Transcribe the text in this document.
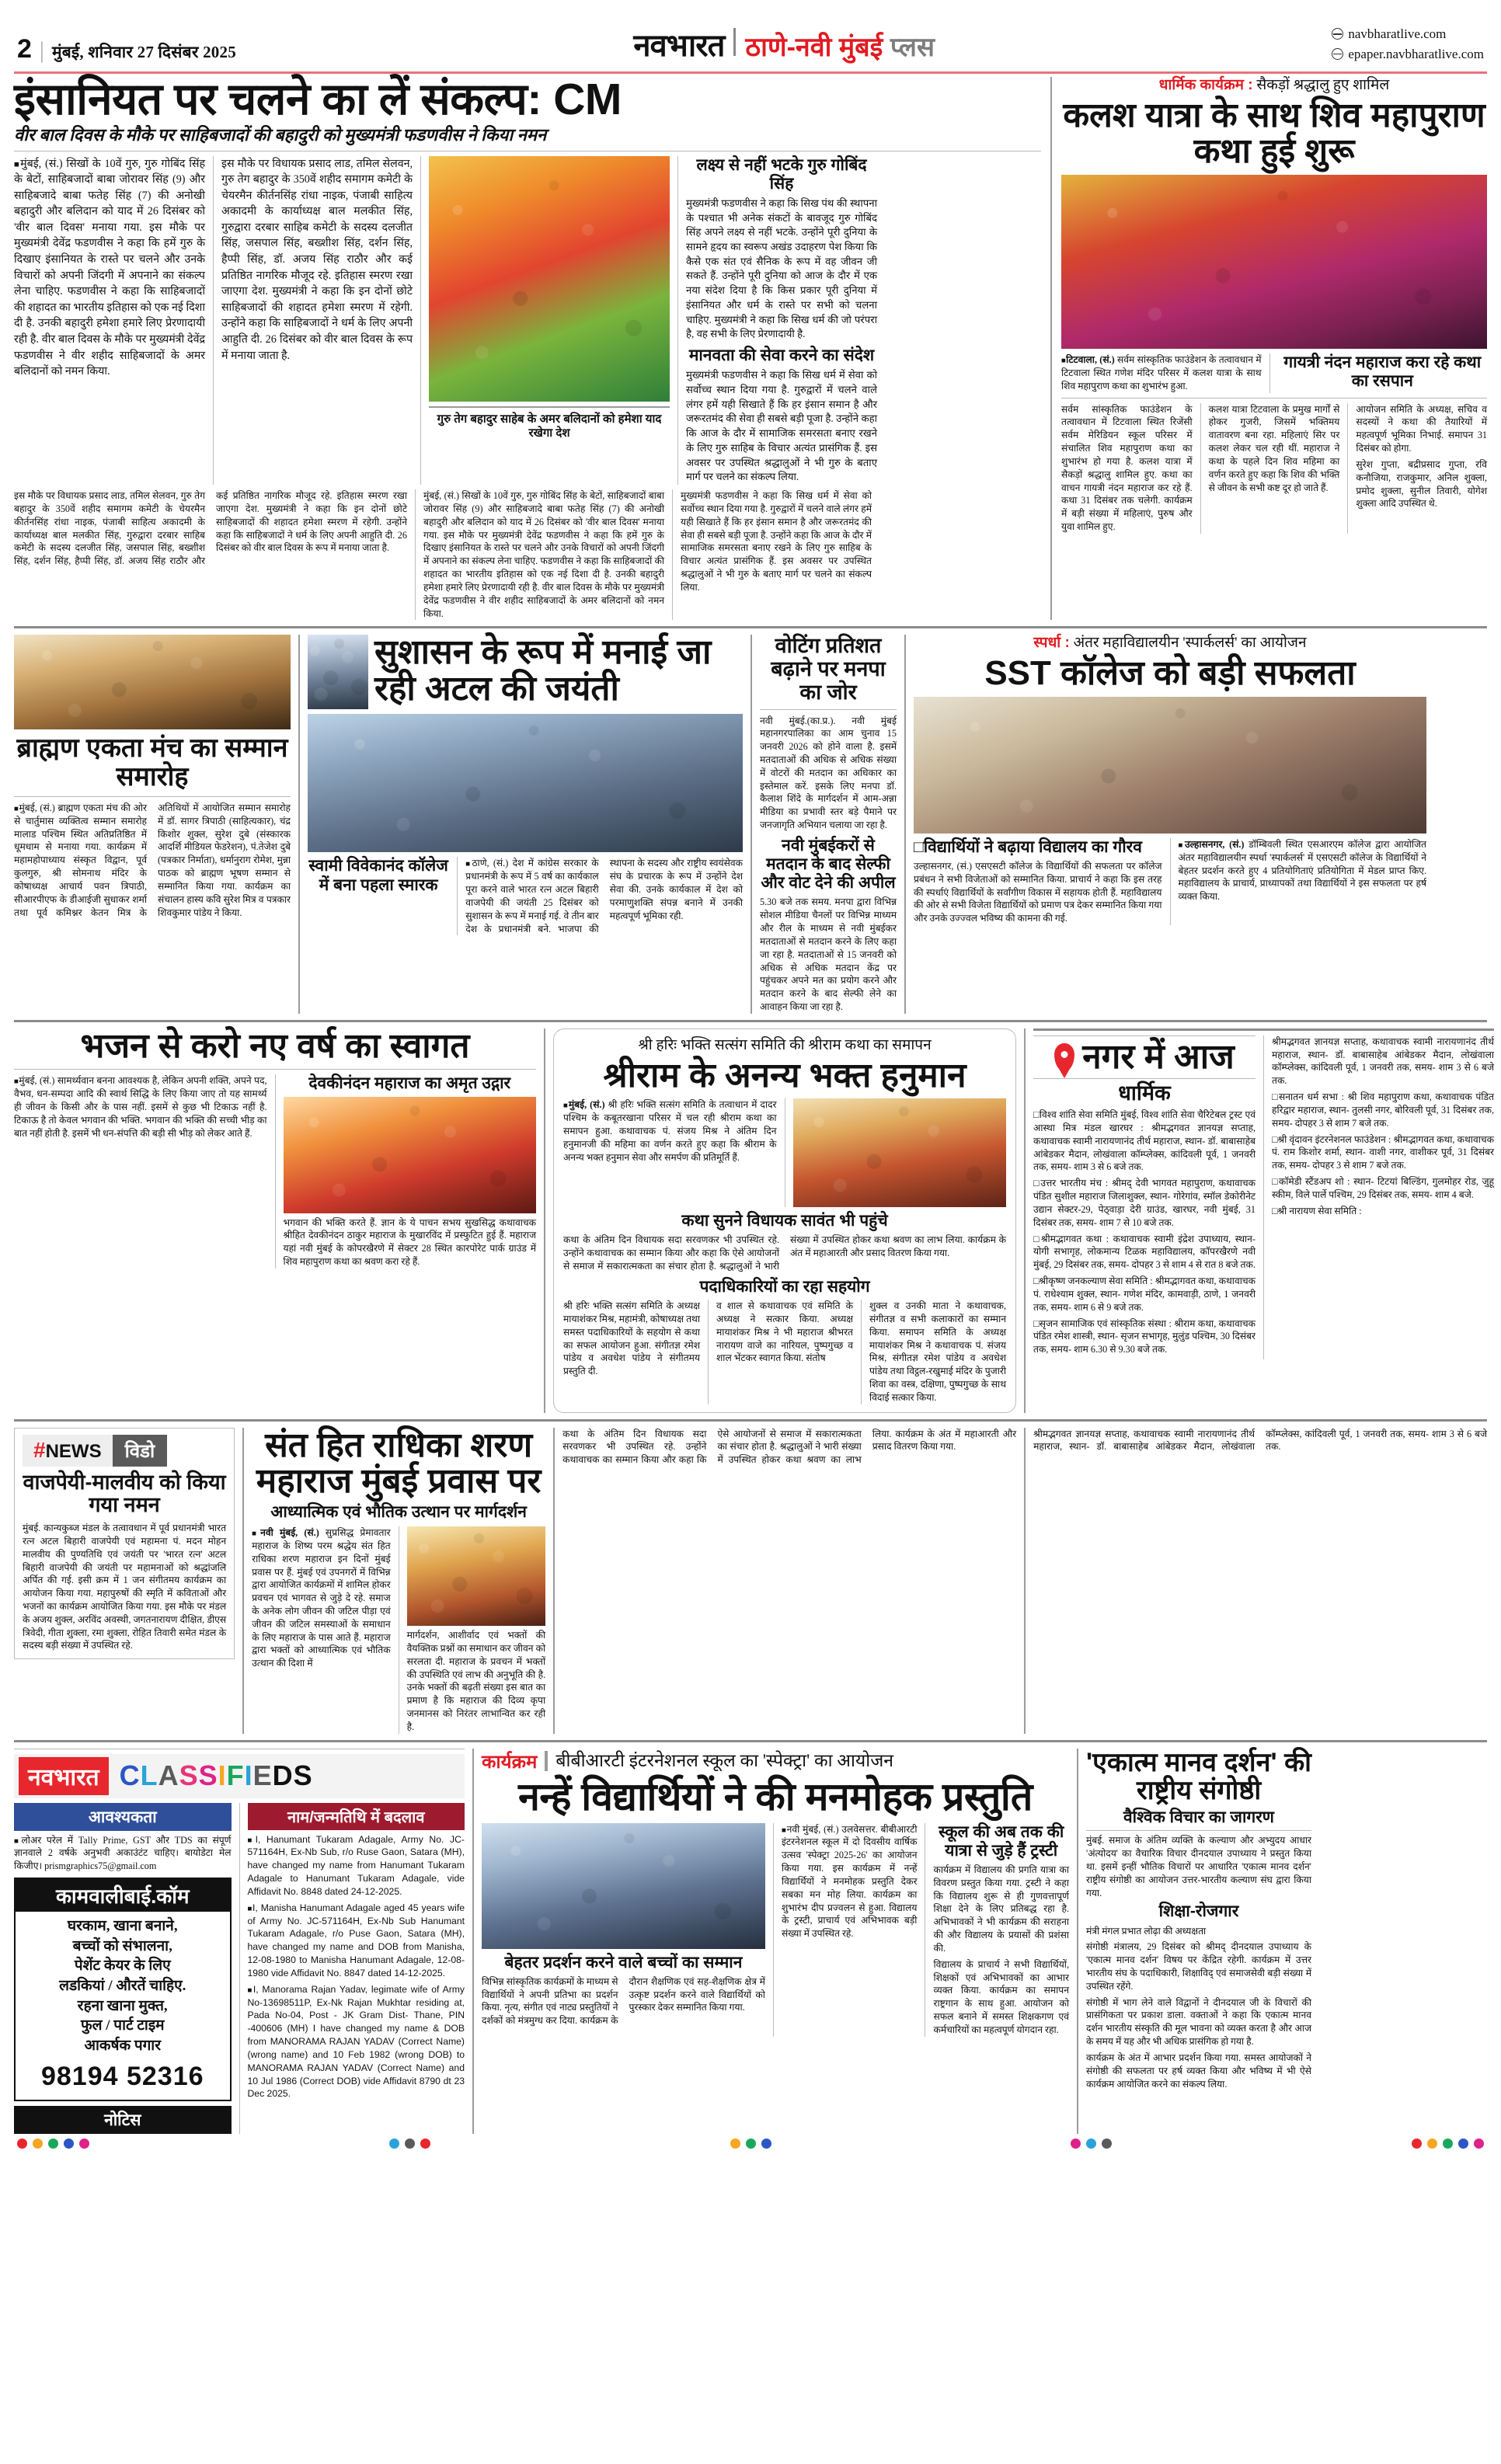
2 | मुंबई, शनिवार 27 दिसंबर 2025	नवभारत ठाणे-नवी मुंबई प्लस	navbharatlive.com
epaper.navbharatlive.com
इंसानियत पर चलने का लें संकल्प: CM
वीर बाल दिवस के मौके पर साहिबजादों की बहादुरी को मुख्यमंत्री फडणवीस ने किया नमन
■ मुंबई, (सं.) सिखों के 10वें गुरु, गुरु गोबिंद सिंह के बेटों, साहिबजादों बाबा जोरावर सिंह (9) और साहिबजादे बाबा फतेह सिंह (7) की अनोखी बहादुरी और बलिदान को याद में 26 दिसंबर को 'वीर बाल दिवस' मनाया गया. इस मौके पर मुख्यमंत्री देवेंद्र फडणवीस ने कहा कि हमें गुरु के दिखाए इंसानियत के रास्ते पर चलने और उनके विचारों को अपनी जिंदगी में अपनाने का संकल्प लेना चाहिए. फडणवीस ने कहा कि साहिबजादों की शहादत का भारतीय इतिहास को एक नई दिशा दी है. उनकी बहादुरी हमेशा हमारे लिए प्रेरणादायी रही है. वीर बाल दिवस के मौके पर मुख्यमंत्री देवेंद्र फडणवीस ने वीर शहीद साहिबजादों के अमर बलिदानों को नमन किया.
इस मौके पर विधायक प्रसाद लाड, तमिल सेलवन, गुरु तेग बहादुर के 350वें शहीद समागम कमेटी के चेयरमैन कीर्तनसिंह रांधा नाइक, पंजाबी साहित्य अकादमी के कार्याध्यक्ष बाल मलकीत सिंह, गुरुद्वारा दरबार साहिब कमेटी के सदस्य दलजीत सिंह, जसपाल सिंह, बख्शीश सिंह, दर्शन सिंह, हैप्पी सिंह, डॉ. अजय सिंह राठौर और कई प्रतिष्ठित नागरिक मौजूद रहे. इतिहास स्मरण रखा जाएगा देश. मुख्यमंत्री ने कहा कि इन दोनों छोटे साहिबजादों की शहादत हमेशा स्मरण में रहेगी. उन्होंने कहा कि साहिबजादों ने धर्म के लिए अपनी आहुति दी. 26 दिसंबर को वीर बाल दिवस के रूप में मनाया जाता है.
गुरु तेग बहादुर साहेब के अमर बलिदानों को हमेशा याद रखेगा देश
लक्ष्य से नहीं भटके गुरु गोबिंद सिंह
मुख्यमंत्री फडणवीस ने कहा कि सिख पंथ की स्थापना के पश्चात भी अनेक संकटों के बावजूद गुरु गोबिंद सिंह अपने लक्ष्य से नहीं भटके. उन्होंने पूरी दुनिया के सामने हृदय का स्वरूप अखंड उदाहरण पेश किया कि कैसे एक संत एवं सैनिक के रूप में वह जीवन जी सकते हैं. उन्होंने पूरी दुनिया को आज के दौर में एक नया संदेश दिया है कि किस प्रकार पूरी दुनिया में इंसानियत और धर्म के रास्ते पर सभी को चलना चाहिए. मुख्यमंत्री ने कहा कि सिख धर्म की जो परंपरा है, वह सभी के लिए प्रेरणादायी है.
मानवता की सेवा करने का संदेश
मुख्यमंत्री फडणवीस ने कहा कि सिख धर्म में सेवा को सर्वोच्च स्थान दिया गया है. गुरुद्वारों में चलने वाले लंगर हमें यही सिखाते हैं कि हर इंसान समान है और जरूरतमंद की सेवा ही सबसे बड़ी पूजा है. उन्होंने कहा कि आज के दौर में सामाजिक समरसता बनाए रखने के लिए गुरु साहिब के विचार अत्यंत प्रासंगिक हैं. इस अवसर पर उपस्थित श्रद्धालुओं ने भी गुरु के बताए मार्ग पर चलने का संकल्प लिया.
इस मौके पर विधायक प्रसाद लाड, तमिल सेलवन, गुरु तेग बहादुर के 350वें शहीद समागम कमेटी के चेयरमैन कीर्तनसिंह रांधा नाइक, पंजाबी साहित्य अकादमी के कार्याध्यक्ष बाल मलकीत सिंह, गुरुद्वारा दरबार साहिब कमेटी के सदस्य दलजीत सिंह, जसपाल सिंह, बख्शीश सिंह, दर्शन सिंह, हैप्पी सिंह, डॉ. अजय सिंह राठौर और कई प्रतिष्ठित नागरिक मौजूद रहे. इतिहास स्मरण रखा जाएगा देश. मुख्यमंत्री ने कहा कि इन दोनों छोटे साहिबजादों की शहादत हमेशा स्मरण में रहेगी. उन्होंने कहा कि साहिबजादों ने धर्म के लिए अपनी आहुति दी. 26 दिसंबर को वीर बाल दिवस के रूप में मनाया जाता है.
मुंबई, (सं.) सिखों के 10वें गुरु, गुरु गोबिंद सिंह के बेटों, साहिबजादों बाबा जोरावर सिंह (9) और साहिबजादे बाबा फतेह सिंह (7) की अनोखी बहादुरी और बलिदान को याद में 26 दिसंबर को 'वीर बाल दिवस' मनाया गया. इस मौके पर मुख्यमंत्री देवेंद्र फडणवीस ने कहा कि हमें गुरु के दिखाए इंसानियत के रास्ते पर चलने और उनके विचारों को अपनी जिंदगी में अपनाने का संकल्प लेना चाहिए. फडणवीस ने कहा कि साहिबजादों की शहादत का भारतीय इतिहास को एक नई दिशा दी है. उनकी बहादुरी हमेशा हमारे लिए प्रेरणादायी रही है. वीर बाल दिवस के मौके पर मुख्यमंत्री देवेंद्र फडणवीस ने वीर शहीद साहिबजादों के अमर बलिदानों को नमन किया.
मुख्यमंत्री फडणवीस ने कहा कि सिख धर्म में सेवा को सर्वोच्च स्थान दिया गया है. गुरुद्वारों में चलने वाले लंगर हमें यही सिखाते हैं कि हर इंसान समान है और जरूरतमंद की सेवा ही सबसे बड़ी पूजा है. उन्होंने कहा कि आज के दौर में सामाजिक समरसता बनाए रखने के लिए गुरु साहिब के विचार अत्यंत प्रासंगिक हैं. इस अवसर पर उपस्थित श्रद्धालुओं ने भी गुरु के बताए मार्ग पर चलने का संकल्प लिया.
धार्मिक कार्यक्रम : सैकड़ों श्रद्धालु हुए शामिल
कलश यात्रा के साथ शिव महापुराण कथा हुई शुरू
■ टिटवाला, (सं.) सर्वम सांस्कृतिक फाउंडेशन के तत्वावधान में टिटवाला स्थित गणेश मंदिर परिसर में कलश यात्रा के साथ शिव महापुराण कथा का शुभारंभ हुआ.
गायत्री नंदन महाराज करा रहे कथा का रसपान
सर्वम सांस्कृतिक फाउंडेशन के तत्वावधान में टिटवाला स्थित रिजेंसी सर्वम मेरिडियन स्कूल परिसर में संचालित शिव महापुराण कथा का शुभारंभ हो गया है. कलश यात्रा में सैकड़ों श्रद्धालु शामिल हुए. कथा का वाचन गायत्री नंदन महाराज कर रहे हैं. कथा 31 दिसंबर तक चलेगी. कार्यक्रम में बड़ी संख्या में महिलाएं, पुरुष और युवा शामिल हुए.
कलश यात्रा टिटवाला के प्रमुख मार्गों से होकर गुजरी, जिसमें भक्तिमय वातावरण बना रहा. महिलाएं सिर पर कलश लेकर चल रही थीं. महाराज ने कथा के पहले दिन शिव महिमा का वर्णन करते हुए कहा कि शिव की भक्ति से जीवन के सभी कष्ट दूर हो जाते हैं.
आयोजन समिति के अध्यक्ष, सचिव व सदस्यों ने कथा की तैयारियों में महत्वपूर्ण भूमिका निभाई. समापन 31 दिसंबर को होगा.
सुरेश गुप्ता, बद्रीप्रसाद गुप्ता, रवि कनौजिया, राजकुमार, अनिल शुक्ला, प्रमोद शुक्ला, सुनील तिवारी, योगेश शुक्ला आदि उपस्थित थे.
ब्राह्मण एकता मंच का सम्मान समारोह
■ मुंबई, (सं.) ब्राह्मण एकता मंच की ओर से चार्तुमास व्यक्तित्व सम्मान समारोह मालाड पश्चिम स्थित अतिप्रतिष्ठित में धूमधाम से मनाया गया. कार्यक्रम में महामहोपाध्याय संस्कृत विद्वान, पूर्व कुलगुरु, श्री सोमनाथ मंदिर के कोषाध्यक्ष आचार्य पवन त्रिपाठी, सीआरपीएफ के डीआईजी सुधाकर शर्मा तथा पूर्व कमिश्नर केतन मित्र के अतिथियों में आयोजित सम्मान समारोह में डॉ. सागर त्रिपाठी (साहित्यकार), चंद्र किशोर शुक्ल, सुरेश दुबे (संस्कारक आदर्शि मीडियल फेडरेशन), पं.तेजेश दुबे (पत्रकार निर्माता), धर्मानुराग रोमेश, मुन्ना पाठक को ब्राह्मण भूषण सम्मान से सम्मानित किया गया. कार्यक्रम का संचालन हास्य कवि सुरेश मित्र व पत्रकार शिवकुमार पांडेय ने किया.
सुशासन के रूप में मनाई जा रही अटल की जयंती
स्वामी विवेकानंद कॉलेज में बना पहला स्मारक
■ ठाणे, (सं.) देश में कांग्रेस सरकार के प्रधानमंत्री के रूप में 5 वर्ष का कार्यकाल पूरा करने वाले भारत रत्न अटल बिहारी वाजपेयी की जयंती 25 दिसंबर को सुशासन के रूप में मनाई गई. वे तीन बार देश के प्रधानमंत्री बने. भाजपा की स्थापना के सदस्य और राष्ट्रीय स्वयंसेवक संघ के प्रचारक के रूप में उन्होंने देश सेवा की. उनके कार्यकाल में देश को परमाणुशक्ति संपन्न बनाने में उनकी महत्वपूर्ण भूमिका रही.
वोटिंग प्रतिशत बढ़ाने पर मनपा का जोर
नवी मुंबई.(का.प्र.). नवी मुंबई महानगरपालिका का आम चुनाव 15 जनवरी 2026 को होने वाला है. इसमें मतदाताओं की अधिक से अधिक संख्या में वोटरों की मतदान का अधिकार का इस्तेमाल करें. इसके लिए मनपा डॉ. कैलाश शिंदे के मार्गदर्शन में आम-अन्ना मीडिया का प्रभावी स्तर बड़े पैमाने पर जनजागृति अभियान चलाया जा रहा है.
नवी मुंबईकरों से मतदान के बाद सेल्फी और वोट देने की अपील
5.30 बजे तक समय. मनपा द्वारा विभिन्न सोशल मीडिया चैनलों पर विभिन्न माध्यम और रील के माध्यम से नवी मुंबईकर मतदाताओं से मतदान करने के लिए कहा जा रहा है. मतदाताओं से 15 जनवरी को अधिक से अधिक मतदान केंद्र पर पहुंचकर अपने मत का प्रयोग करने और मतदान करने के बाद सेल्फी लेने का आवाहन किया जा रहा है.
स्पर्धा : अंतर महाविद्यालयीन 'स्पार्कलर्स' का आयोजन
SST कॉलेज को बड़ी सफलता
□ विद्यार्थियों ने बढ़ाया विद्यालय का गौरव
उल्हासनगर, (सं.) एसएसटी कॉलेज के विद्यार्थियों की सफलता पर कॉलेज प्रबंधन ने सभी विजेताओं को सम्मानित किया. प्राचार्य ने कहा कि इस तरह की स्पर्धाएं विद्यार्थियों के सर्वांगीण विकास में सहायक होती हैं. महाविद्यालय की ओर से सभी विजेता विद्यार्थियों को प्रमाण पत्र देकर सम्मानित किया गया और उनके उज्ज्वल भविष्य की कामना की गई.
■ उल्हासनगर, (सं.) डॉम्बिवली स्थित एसआरएम कॉलेज द्वारा आयोजित अंतर महाविद्यालयीन स्पर्धा 'स्पार्कलर्स' में एसएसटी कॉलेज के विद्यार्थियों ने बेहतर प्रदर्शन करते हुए 4 प्रतियोगिताएं प्रतियोगिता में मेडल प्राप्त किए. महाविद्यालय के प्राचार्य, प्राध्यापकों तथा विद्यार्थियों ने इस सफलता पर हर्ष व्यक्त किया.
भजन से करो नए वर्ष का स्वागत
■ मुंबई, (सं.) सामर्थ्यवान बनना आवश्यक है, लेकिन अपनी शक्ति, अपने पद, वैभव, धन-सम्पदा आदि की स्वार्थ सिद्धि के लिए किया जाए तो यह सामर्थ्य ही जीवन के किसी और के पास नहीं. इसमें से कुछ भी टिकाऊ नहीं है. टिकाऊ है तो केवल भगवान की भक्ति. भगवान की भक्ति की सच्ची भीड़ का बात नहीं होती है. इसमें भी धन-संपत्ति की बड़ी सी भीड़ को लेकर आते हैं.
देवकीनंदन महाराज का अमृत उद्गार
भगवान की भक्ति करते हैं. ज्ञान के ये पाचन सभय सुखसिद्ध कथावाचक श्रीहित देवकीनंदन ठाकुर महाराज के मुखारविंद में प्रस्फुटित हुई हैं. महाराज यहां नवी मुंबई के कोपरखैरणे में सेक्टर 28 स्थित कारपोरेट पार्क ग्राउंड में शिव महापुराण कथा का श्रवण करा रहे हैं.
श्री हरिः भक्ति सत्संग समिति की श्रीराम कथा का समापन
श्रीराम के अनन्य भक्त हनुमान
■ मुंबई, (सं.) श्री हरिः भक्ति सत्संग समिति के तत्वाधान में दादर पश्चिम के कबूतरखाना परिसर में चल रही श्रीराम कथा का समापन हुआ. कथावाचक पं. संजय मिश्र ने अंतिम दिन हनुमानजी की महिमा का वर्णन करते हुए कहा कि श्रीराम के अनन्य भक्त हनुमान सेवा और समर्पण की प्रतिमूर्ति हैं.
कथा सुनने विधायक सावंत भी पहुंचे
कथा के अंतिम दिन विधायक सदा सरवणकर भी उपस्थित रहे. उन्होंने कथावाचक का सम्मान किया और कहा कि ऐसे आयोजनों से समाज में सकारात्मकता का संचार होता है. श्रद्धालुओं ने भारी संख्या में उपस्थित होकर कथा श्रवण का लाभ लिया. कार्यक्रम के अंत में महाआरती और प्रसाद वितरण किया गया.
पदाधिकारियों का रहा सहयोग
श्री हरिः भक्ति सत्संग समिति के अध्यक्ष मायाशंकर मिश्र, महामंत्री, कोषाध्यक्ष तथा समस्त पदाधिकारियों के सहयोग से कथा का सफल आयोजन हुआ. संगीतज्ञ रमेश पांडेय व अवधेश पांडेय ने संगीतमय प्रस्तुति दी.
व शाल से कथावाचक एवं समिति के अध्यक्ष ने सत्कार किया. अध्यक्ष मायाशंकर मिश्र ने भी महाराज श्रीभरत नारायण वाजे का नारियल, पुष्पगुच्छ व शाल भेंटकर स्वागत किया. संतोष
शुक्ल व उनकी माता ने कथावाचक, संगीतज्ञ व सभी कलाकारों का सम्मान किया. समापन समिति के अध्यक्ष मायाशंकर मिश्र ने कथावाचक पं. संजय मिश्र, संगीतज्ञ रमेश पांडेय व अवधेश पांडेय तथा विट्ठल-रखुमाई मंदिर के पुजारी शिवा का वस्त्र, दक्षिणा, पुष्पगुच्छ के साथ विदाई सत्कार किया.
नगर में आज
धार्मिक
□ विश्व शांति सेवा समिति मुंबई, विश्व शांति सेवा चैरिटेबल ट्रस्ट एवं आस्था मित्र मंडल खारघर : श्रीमद्भगवत ज्ञानयज्ञ सप्ताह, कथावाचक स्वामी नारायणानंद तीर्थ महाराज, स्थान- डॉ. बाबासाहेब आंबेडकर मैदान, लोखंवाला कॉम्प्लेक्स, कांदिवली पूर्व, 1 जनवरी तक, समय- शाम 3 से 6 बजे तक.
□ उत्तर भारतीय मंच : श्रीमद् देवी भागवत महापुराण, कथावाचक पंडित सुशील महाराज जिलाशुक्ल, स्थान- गोरेगांव, स्मॉल डेकोरीनेट उद्यान सेक्टर-29, पेठ्वाड़ा देरी ग्राउंड, खारघर, नवी मुंबई, 31 दिसंबर तक, समय- शाम 7 से 10 बजे तक.
□ श्रीमद्भागवत कथा : कथावाचक स्वामी इंद्रेश उपाध्याय, स्थान- योगी सभागृह, लोकमान्य टिळक महाविद्यालय, कॉपरखैरणे नवी मुंबई, 29 दिसंबर तक, समय- दोपहर 3 से शाम 4 से रात 8 बजे तक.
□ श्रीकृष्ण जनकल्याण सेवा समिति : श्रीमद्भागवत कथा, कथावाचक पं. राधेश्याम शुक्ल, स्थान- गणेश मंदिर, कामवाड़ी, ठाणे, 1 जनवरी तक, समय- शाम 6 से 9 बजे तक.
□ सृजन सामाजिक एवं सांस्कृतिक संस्था : श्रीराम कथा, कथावाचक पंडित रमेश शास्त्री, स्थान- सृजन सभागृह, मुलुंड पश्चिम, 30 दिसंबर तक, समय- शाम 6.30 से 9.30 बजे तक.
श्रीमद्भगवत ज्ञानयज्ञ सप्ताह, कथावाचक स्वामी नारायणानंद तीर्थ महाराज, स्थान- डॉ. बाबासाहेब आंबेडकर मैदान, लोखंवाला कॉम्प्लेक्स, कांदिवली पूर्व, 1 जनवरी तक, समय- शाम 3 से 6 बजे तक.
□ सनातन धर्म सभा : श्री शिव महापुराण कथा, कथावाचक पंडित हरिद्वार महाराज, स्थान- तुलसी नगर, बोरिवली पूर्व, 31 दिसंबर तक, समय- दोपहर 3 से शाम 7 बजे तक.
□ श्री वृंदावन इंटरनेशनल फाउंडेशन : श्रीमद्भागवत कथा, कथावाचक पं. राम किशोर शर्मा, स्थान- वाशी नगर, वाशीकर पूर्व, 31 दिसंबर तक, समय- दोपहर 3 से शाम 7 बजे तक.
□ कॉमेडी स्टैंडअप शो : स्थान- टिटयां बिल्डिंग, गुलमोहर रोड, जुहू स्कीम, विले पार्ले पश्चिम, 29 दिसंबर तक, समय- शाम 4 बजे.
□ श्री नारायण सेवा समिति :
#NEWS	विडो
वाजपेयी-मालवीय को किया गया नमन
मुंबई. कान्यकुब्ज मंडल के तत्वावधान में पूर्व प्रधानमंत्री भारत रत्न अटल बिहारी वाजपेयी एवं महामना पं. मदन मोहन मालवीय की पुण्यतिथि एवं जयंती पर 'भारत रत्न' अटल बिहारी वाजपेयी की जयंती पर महामनाओं को श्रद्धांजलि अर्पित की गई. इसी क्रम में 1 जन संगीतमय कार्यक्रम का आयोजन किया गया. महापुरुषों की स्मृति में कविताओं और भजनों का कार्यक्रम आयोजित किया गया. इस मौके पर मंडल के अजय शुक्ल, अरविंद अवस्थी, जगतनारायण दीक्षित, डीएस त्रिवेदी, गीता शुक्ला, रमा शुक्ला, रोहित तिवारी समेत मंडल के सदस्य बड़ी संख्या में उपस्थित रहे.
संत हित राधिका शरण महाराज मुंबई प्रवास पर
आध्यात्मिक एवं भौतिक उत्थान पर मार्गदर्शन
■ नवी मुंबई, (सं.) सुप्रसिद्ध प्रेमावतार महाराज के शिष्य परम श्रद्धेय संत हित राधिका शरण महाराज इन दिनों मुंबई प्रवास पर हैं. मुंबई एवं उपनगरों में विभिन्न द्वारा आयोजित कार्यक्रमों में शामिल होकर प्रवचन एवं भागवत से जुड़े दे रहे. समाज के अनेक लोग जीवन की जटिल पीड़ा एवं जीवन की जटिल समस्याओं के समाधान के लिए महाराज के पास आते हैं. महाराज द्वारा भक्तों को आध्यात्मिक एवं भौतिक उत्थान की दिशा में
मार्गदर्शन, आशीर्वाद एवं भक्तों की वैयक्तिक प्रश्नों का समाधान कर जीवन को सरलता दी. महाराज के प्रवचन में भक्तों की उपस्थिति एवं लाभ की अनुभूति की है. उनके भक्तों की बढ़ती संख्या इस बात का प्रमाण है कि महाराज की दिव्य कृपा जनमानस को निरंतर लाभान्वित कर रही है.
कथा के अंतिम दिन विधायक सदा सरवणकर भी उपस्थित रहे. उन्होंने कथावाचक का सम्मान किया और कहा कि ऐसे आयोजनों से समाज में सकारात्मकता का संचार होता है. श्रद्धालुओं ने भारी संख्या में उपस्थित होकर कथा श्रवण का लाभ लिया. कार्यक्रम के अंत में महाआरती और प्रसाद वितरण किया गया.
श्रीमद्भगवत ज्ञानयज्ञ सप्ताह, कथावाचक स्वामी नारायणानंद तीर्थ महाराज, स्थान- डॉ. बाबासाहेब आंबेडकर मैदान, लोखंवाला कॉम्प्लेक्स, कांदिवली पूर्व, 1 जनवरी तक, समय- शाम 3 से 6 बजे तक.
नवभारत CLASSIFIEDS
आवश्यकता
■ लोअर परेल में Tally Prime, GST और TDS का संपूर्ण ज्ञानवाले 2 वर्षके अनुभवी अकाउंटंट चाहिए। बायोडेटा मेल किजीए। prismgraphics75@gmail.com
कामवालीबाई.कॉम
घरकाम, खाना बनाने,
बच्चों को संभालना,
पेशेंट केयर के लिए
लडकियां / औरतें चाहिए.
रहना खाना मुक्त,
फुल / पार्ट टाइम
आकर्षक पगार
98194 52316
नोटिस
नाम/जन्मतिथि में बदलाव
■ I, Hanumant Tukaram Adagale, Army No. JC-571164H, Ex-Nb Sub, r/o Ruse Gaon, Satara (MH), have changed my name from Hanumant Tukaram Adagale to Hanumant Tukaram Adagale, vide Affidavit No. 8848 dated 24-12-2025.
■ I, Manisha Hanumant Adagale aged 45 years wife of Army No. JC-571164H, Ex-Nb Sub Hanumant Tukaram Adagale, r/o Puse Gaon, Satara (MH), have changed my name and DOB from Manisha, 12-08-1980 to Manisha Hanumant Adagale, 12-08-1980 vide Affidavit No. 8847 dated 14-12-2025.
■ I, Manorama Rajan Yadav, legimate wife of Army No-13698511P, Ex-Nk Rajan Mukhtar residing at, Pada No-04, Post - JK Gram Dist- Thane, PIN -400606 (MH) I have changed my name & DOB from MANORAMA RAJAN YADAV (Correct Name) (wrong name) and 10 Feb 1982 (wrong DOB) to MANORAMA RAJAN YADAV (Correct Name) and 10 Jul 1986 (Correct DOB) vide Affidavit 8790 dt 23 Dec 2025.
कार्यक्रम बीबीआरटी इंटरनेशनल स्कूल का 'स्पेक्ट्रा' का आयोजन
नन्हें विद्यार्थियों ने की मनमोहक प्रस्तुति
बेहतर प्रदर्शन करने वाले बच्चों का सम्मान
विभिन्न सांस्कृतिक कार्यक्रमों के माध्यम से विद्यार्थियों ने अपनी प्रतिभा का प्रदर्शन किया. नृत्य, संगीत एवं नाट्य प्रस्तुतियों ने दर्शकों को मंत्रमुग्ध कर दिया. कार्यक्रम के दौरान शैक्षणिक एवं सह-शैक्षणिक क्षेत्र में उत्कृष्ट प्रदर्शन करने वाले विद्यार्थियों को पुरस्कार देकर सम्मानित किया गया.
■ नवी मुंबई, (सं.) उलवेसत्तर. बीबीआरटी इंटरनेशनल स्कूल में दो दिवसीय वार्षिक उत्सव 'स्पेक्ट्रा 2025-26' का आयोजन किया गया. इस कार्यक्रम में नन्हें विद्यार्थियों ने मनमोहक प्रस्तुति देकर सबका मन मोह लिया. कार्यक्रम का शुभारंभ दीप प्रज्वलन से हुआ. विद्यालय के ट्रस्टी, प्राचार्य एवं अभिभावक बड़ी संख्या में उपस्थित रहे.
स्कूल की अब तक की यात्रा से जुड़े हैं ट्रस्टी
कार्यक्रम में विद्यालय की प्रगति यात्रा का विवरण प्रस्तुत किया गया. ट्रस्टी ने कहा कि विद्यालय शुरू से ही गुणवत्तापूर्ण शिक्षा देने के लिए प्रतिबद्ध रहा है. अभिभावकों ने भी कार्यक्रम की सराहना की और विद्यालय के प्रयासों की प्रशंसा की.
विद्यालय के प्राचार्य ने सभी विद्यार्थियों, शिक्षकों एवं अभिभावकों का आभार व्यक्त किया. कार्यक्रम का समापन राष्ट्रगान के साथ हुआ. आयोजन को सफल बनाने में समस्त शिक्षकगण एवं कर्मचारियों का महत्वपूर्ण योगदान रहा.
'एकात्म मानव दर्शन' की राष्ट्रीय संगोष्ठी
वैश्विक विचार का जागरण
मुंबई. समाज के अंतिम व्यक्ति के कल्याण और अभ्युदय आधार 'अंत्योदय' का वैचारिक विचार दीनदयाल उपाध्याय ने प्रस्तुत किया था. इसमें इन्हीं भौतिक विचारों पर आधारित 'एकात्म मानव दर्शन' राष्ट्रीय संगोष्ठी का आयोजन उत्तर-भारतीय कल्याण संघ द्वारा किया गया.
शिक्षा-रोजगार
मंत्री मंगल प्रभात लोढ़ा की अध्यक्षता
संगोष्ठी मंत्रालय, 29 दिसंबर को श्रीमद् दीनदयाल उपाध्याय के 'एकात्म मानव दर्शन' विषय पर केंद्रित रहेगी. कार्यक्रम में उत्तर भारतीय संघ के पदाधिकारी, शिक्षाविद् एवं समाजसेवी बड़ी संख्या में उपस्थित रहेंगे.
संगोष्ठी में भाग लेने वाले विद्वानों ने दीनदयाल जी के विचारों की प्रासंगिकता पर प्रकाश डाला. वक्ताओं ने कहा कि एकात्म मानव दर्शन भारतीय संस्कृति की मूल भावना को व्यक्त करता है और आज के समय में यह और भी अधिक प्रासंगिक हो गया है.
कार्यक्रम के अंत में आभार प्रदर्शन किया गया. समस्त आयोजकों ने संगोष्ठी की सफलता पर हर्ष व्यक्त किया और भविष्य में भी ऐसे कार्यक्रम आयोजित करने का संकल्प लिया.
